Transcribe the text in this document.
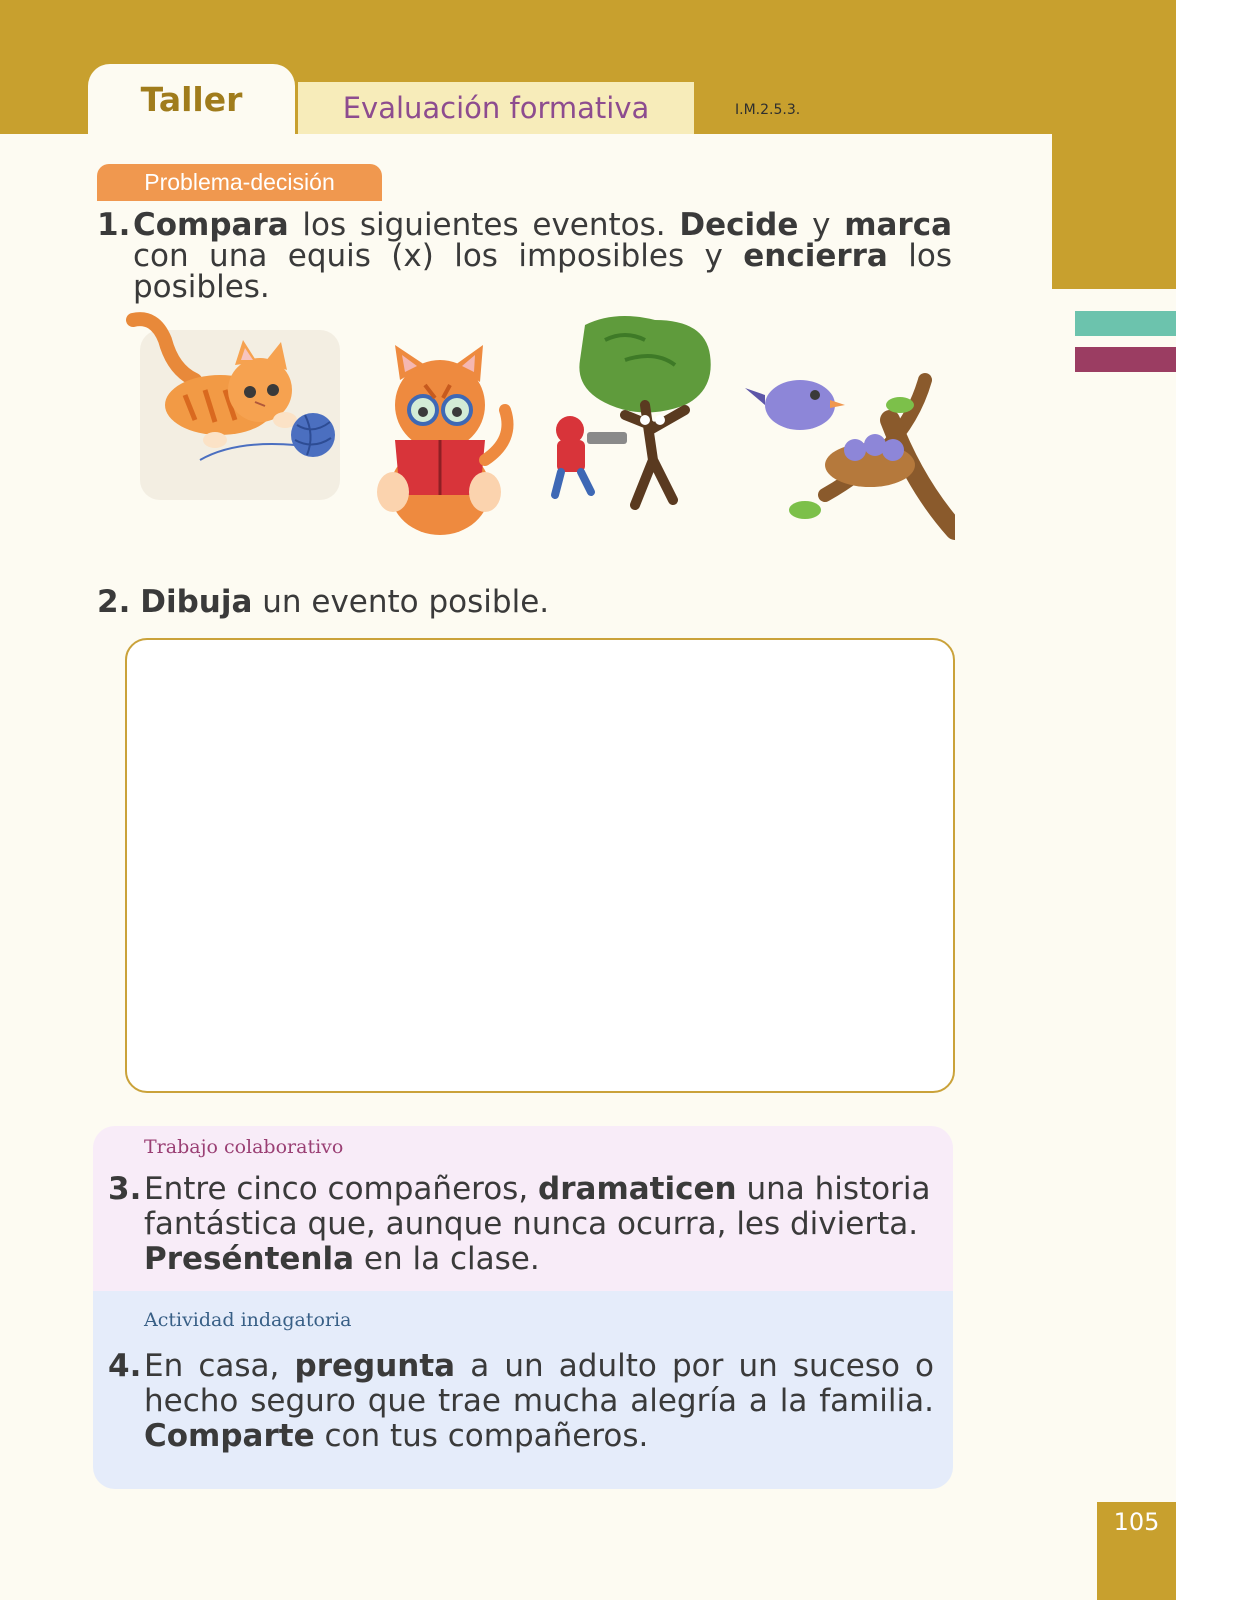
Taller	Evaluación formativa	I.M.2.5.3.
Problema-decisión
1. Compara los siguientes eventos. Decide y marca con una equis (x) los imposibles y encierra los posibles.
2. Dibuja un evento posible.
Trabajo colaborativo
3. Entre cinco compañeros, dramaticen una historia fantástica que, aunque nunca ocurra, les divierta. Preséntenla en la clase.
Actividad indagatoria
4. En casa, pregunta a un adulto por un suceso o hecho seguro que trae mucha alegría a la familia. Comparte con tus compañeros.
105
